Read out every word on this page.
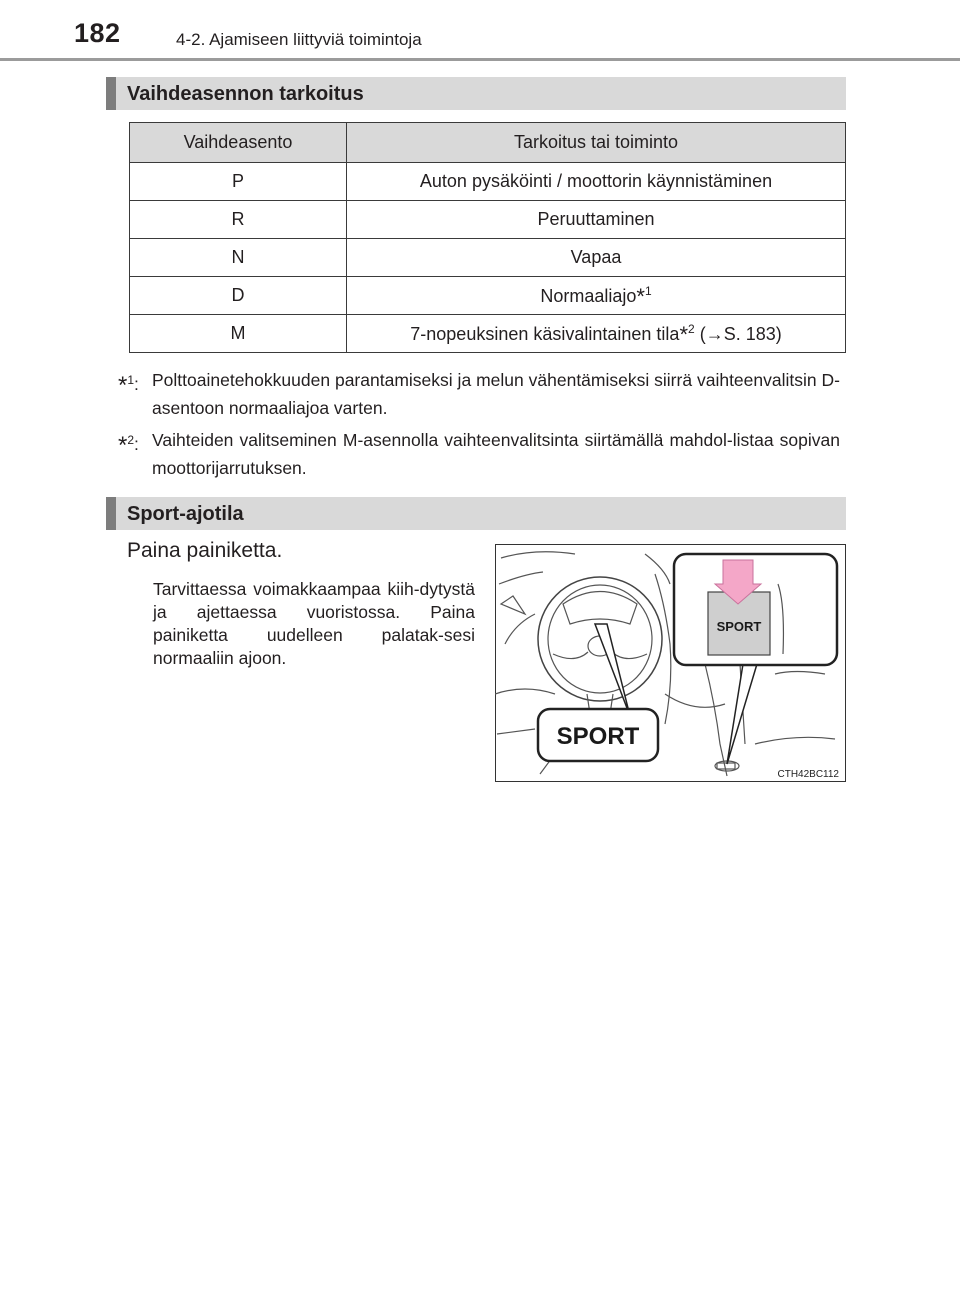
182	4-2. Ajamiseen liittyviä toimintoja
Vaihdeasennon tarkoitus
Vaihdeasento	Tarkoitus tai toiminto
P	Auton pysäköinti / moottorin käynnistäminen
R	Peruuttaminen
N	Vapaa
D	Normaaliajo*$^1$
M	7-nopeuksinen käsivalintainen tila*$^2$ (→S. 183)
*$^1$: Polttoainetehokkuuden parantamiseksi ja melun vähentämiseksi siirrä vaihteenvalitsin D-asentoon normaaliajoa varten.
*$^2$: Vaihteiden valitseminen M-asennolla vaihteenvalitsinta siirtämällä mahdol-listaa sopivan moottorijarrutuksen.
Sport-ajotila
Paina painiketta.
Tarvittaessa voimakkaampaa kiih-dytystä ja ajettaessa vuoristossa. Paina painiketta uudelleen palatak-sesi normaaliin ajoon.
SPORT
SPORT
CTH42BC112
